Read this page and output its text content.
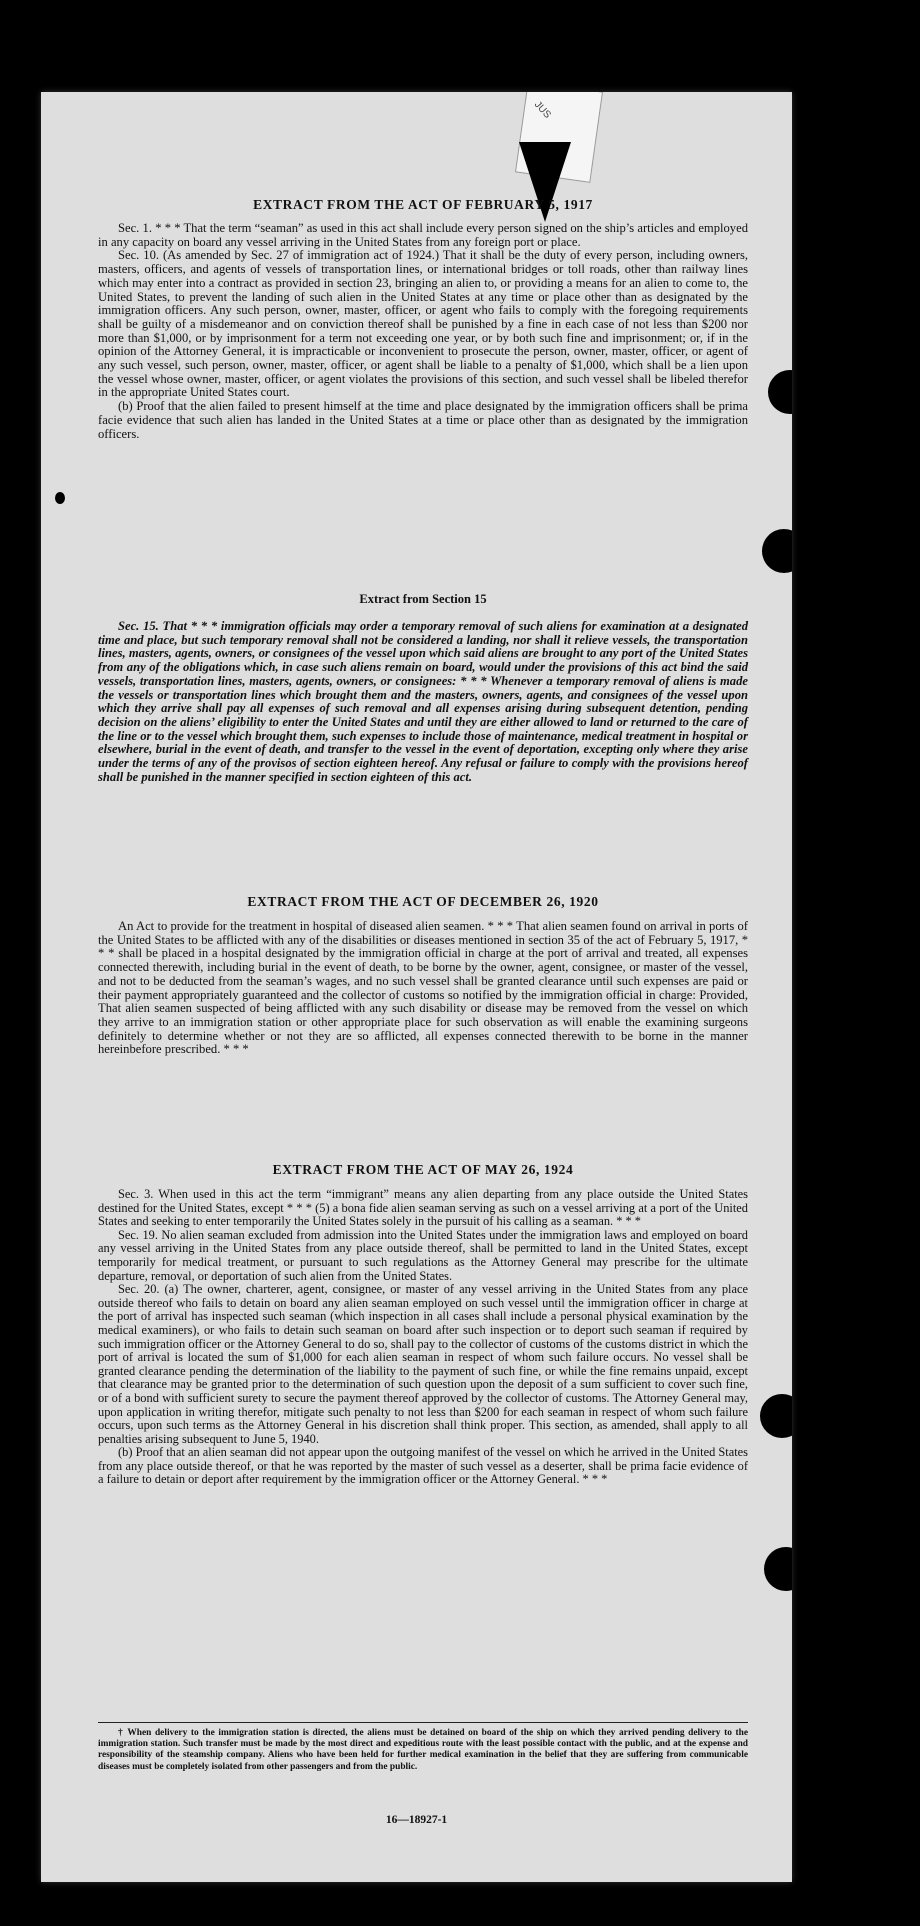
JUS
EXTRACT FROM THE ACT OF FEBRUARY 5, 1917

Sec. 1. * * * That the term “seaman” as used in this act shall include every person signed on the ship’s articles and employed in any capacity on board any vessel arriving in the United States from any foreign port or place.

Sec. 10. (As amended by Sec. 27 of immigration act of 1924.) That it shall be the duty of every person, including owners, masters, officers, and agents of vessels of transportation lines, or international bridges or toll roads, other than railway lines which may enter into a contract as provided in section 23, bringing an alien to, or providing a means for an alien to come to, the United States, to prevent the landing of such alien in the United States at any time or place other than as designated by the immigration officers. Any such person, owner, master, officer, or agent who fails to comply with the foregoing requirements shall be guilty of a misdemeanor and on conviction thereof shall be punished by a fine in each case of not less than $200 nor more than $1,000, or by imprisonment for a term not exceeding one year, or by both such fine and imprisonment; or, if in the opinion of the Attorney General, it is impracticable or inconvenient to prosecute the person, owner, master, officer, or agent of any such vessel, such person, owner, master, officer, or agent shall be liable to a penalty of $1,000, which shall be a lien upon the vessel whose owner, master, officer, or agent violates the provisions of this section, and such vessel shall be libeled therefor in the appropriate United States court.

(b) Proof that the alien failed to present himself at the time and place designated by the immigration officers shall be prima facie evidence that such alien has landed in the United States at a time or place other than as designated by the immigration officers.

Extract from Section 15

Sec. 15. That * * * immigration officials may order a temporary removal of such aliens for examination at a designated time and place, but such temporary removal shall not be considered a landing, nor shall it relieve vessels, the transportation lines, masters, agents, owners, or consignees of the vessel upon which said aliens are brought to any port of the United States from any of the obligations which, in case such aliens remain on board, would under the provisions of this act bind the said vessels, transportation lines, masters, agents, owners, or consignees: * * * Whenever a temporary removal of aliens is made the vessels or transportation lines which brought them and the masters, owners, agents, and consignees of the vessel upon which they arrive shall pay all expenses of such removal and all expenses arising during subsequent detention, pending decision on the aliens’ eligibility to enter the United States and until they are either allowed to land or returned to the care of the line or to the vessel which brought them, such expenses to include those of maintenance, medical treatment in hospital or elsewhere, burial in the event of death, and transfer to the vessel in the event of deportation, excepting only where they arise under the terms of any of the provisos of section eighteen hereof. Any refusal or failure to comply with the provisions hereof shall be punished in the manner specified in section eighteen of this act.

EXTRACT FROM THE ACT OF DECEMBER 26, 1920

An Act to provide for the treatment in hospital of diseased alien seamen. * * * That alien seamen found on arrival in ports of the United States to be afflicted with any of the disabilities or diseases mentioned in section 35 of the act of February 5, 1917, * * * shall be placed in a hospital designated by the immigration official in charge at the port of arrival and treated, all expenses connected therewith, including burial in the event of death, to be borne by the owner, agent, consignee, or master of the vessel, and not to be deducted from the seaman’s wages, and no such vessel shall be granted clearance until such expenses are paid or their payment appropriately guaranteed and the collector of customs so notified by the immigration official in charge: Provided, That alien seamen suspected of being afflicted with any such disability or disease may be removed from the vessel on which they arrive to an immigration station or other appropriate place for such observation as will enable the examining surgeons definitely to determine whether or not they are so afflicted, all expenses connected therewith to be borne in the manner hereinbefore prescribed. * * *

EXTRACT FROM THE ACT OF MAY 26, 1924

Sec. 3. When used in this act the term “immigrant” means any alien departing from any place outside the United States destined for the United States, except * * * (5) a bona fide alien seaman serving as such on a vessel arriving at a port of the United States and seeking to enter temporarily the United States solely in the pursuit of his calling as a seaman. * * *

Sec. 19. No alien seaman excluded from admission into the United States under the immigration laws and employed on board any vessel arriving in the United States from any place outside thereof, shall be permitted to land in the United States, except temporarily for medical treatment, or pursuant to such regulations as the Attorney General may prescribe for the ultimate departure, removal, or deportation of such alien from the United States.

Sec. 20. (a) The owner, charterer, agent, consignee, or master of any vessel arriving in the United States from any place outside thereof who fails to detain on board any alien seaman employed on such vessel until the immigration officer in charge at the port of arrival has inspected such seaman (which inspection in all cases shall include a personal physical examination by the medical examiners), or who fails to detain such seaman on board after such inspection or to deport such seaman if required by such immigration officer or the Attorney General to do so, shall pay to the collector of customs of the customs district in which the port of arrival is located the sum of $1,000 for each alien seaman in respect of whom such failure occurs. No vessel shall be granted clearance pending the determination of the liability to the payment of such fine, or while the fine remains unpaid, except that clearance may be granted prior to the determination of such question upon the deposit of a sum sufficient to cover such fine, or of a bond with sufficient surety to secure the payment thereof approved by the collector of customs. The Attorney General may, upon application in writing therefor, mitigate such penalty to not less than $200 for each seaman in respect of whom such failure occurs, upon such terms as the Attorney General in his discretion shall think proper. This section, as amended, shall apply to all penalties arising subsequent to June 5, 1940.

(b) Proof that an alien seaman did not appear upon the outgoing manifest of the vessel on which he arrived in the United States from any place outside thereof, or that he was reported by the master of such vessel as a deserter, shall be prima facie evidence of a failure to detain or deport after requirement by the immigration officer or the Attorney General. * * *

† When delivery to the immigration station is directed, the aliens must be detained on board of the ship on which they arrived pending delivery to the immigration station. Such transfer must be made by the most direct and expeditious route with the least possible contact with the public, and at the expense and responsibility of the steamship company. Aliens who have been held for further medical examination in the belief that they are suffering from communicable diseases must be completely isolated from other passengers and from the public.

16—18927-1
